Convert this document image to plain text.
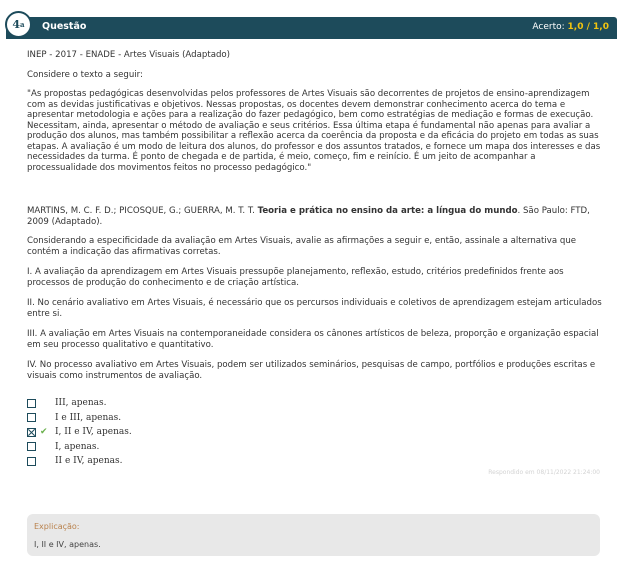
Questão	Acerto: 1,0 / 1,0
4 a

INEP - 2017 - ENADE - Artes Visuais (Adaptado)

Considere o texto a seguir:

"As propostas pedagógicas desenvolvidas pelos professores de Artes Visuais são decorrentes de projetos de ensino-aprendizagem com as devidas justificativas e objetivos. Nessas propostas, os docentes devem demonstrar conhecimento acerca do tema e apresentar metodologia e ações para a realização do fazer pedagógico, bem como estratégias de mediação e formas de execução. Necessitam, ainda, apresentar o método de avaliação e seus critérios. Essa última etapa é fundamental não apenas para avaliar a produção dos alunos, mas também possibilitar a reflexão acerca da coerência da proposta e da eficácia do projeto em todas as suas etapas. A avaliação é um modo de leitura dos alunos, do professor e dos assuntos tratados, e fornece um mapa dos interesses e das necessidades da turma. É ponto de chegada e de partida, é meio, começo, fim e reinício. É um jeito de acompanhar a processualidade dos movimentos feitos no processo pedagógico."

MARTINS, M. C. F. D.; PICOSQUE, G.; GUERRA, M. T. T. Teoria e prática no ensino da arte: a língua do mundo. São Paulo: FTD, 2009 (Adaptado).

Considerando a especificidade da avaliação em Artes Visuais, avalie as afirmações a seguir e, então, assinale a alternativa que contém a indicação das afirmativas corretas.

I. A avaliação da aprendizagem em Artes Visuais pressupõe planejamento, reflexão, estudo, critérios predefinidos frente aos processos de produção do conhecimento e de criação artística.

II. No cenário avaliativo em Artes Visuais, é necessário que os percursos individuais e coletivos de aprendizagem estejam articulados entre si.

III. A avaliação em Artes Visuais na contemporaneidade considera os cânones artísticos de beleza, proporção e organização espacial em seu processo qualitativo e quantitativo.

IV. No processo avaliativo em Artes Visuais, podem ser utilizados seminários, pesquisas de campo, portfólios e produções escritas e visuais como instrumentos de avaliação.

III, apenas.
I e III, apenas.
✔ I, II e IV, apenas.
I, apenas.
II e IV, apenas.
Respondido em 08/11/2022 21:24:00
Explicação:
I, II e IV, apenas.
